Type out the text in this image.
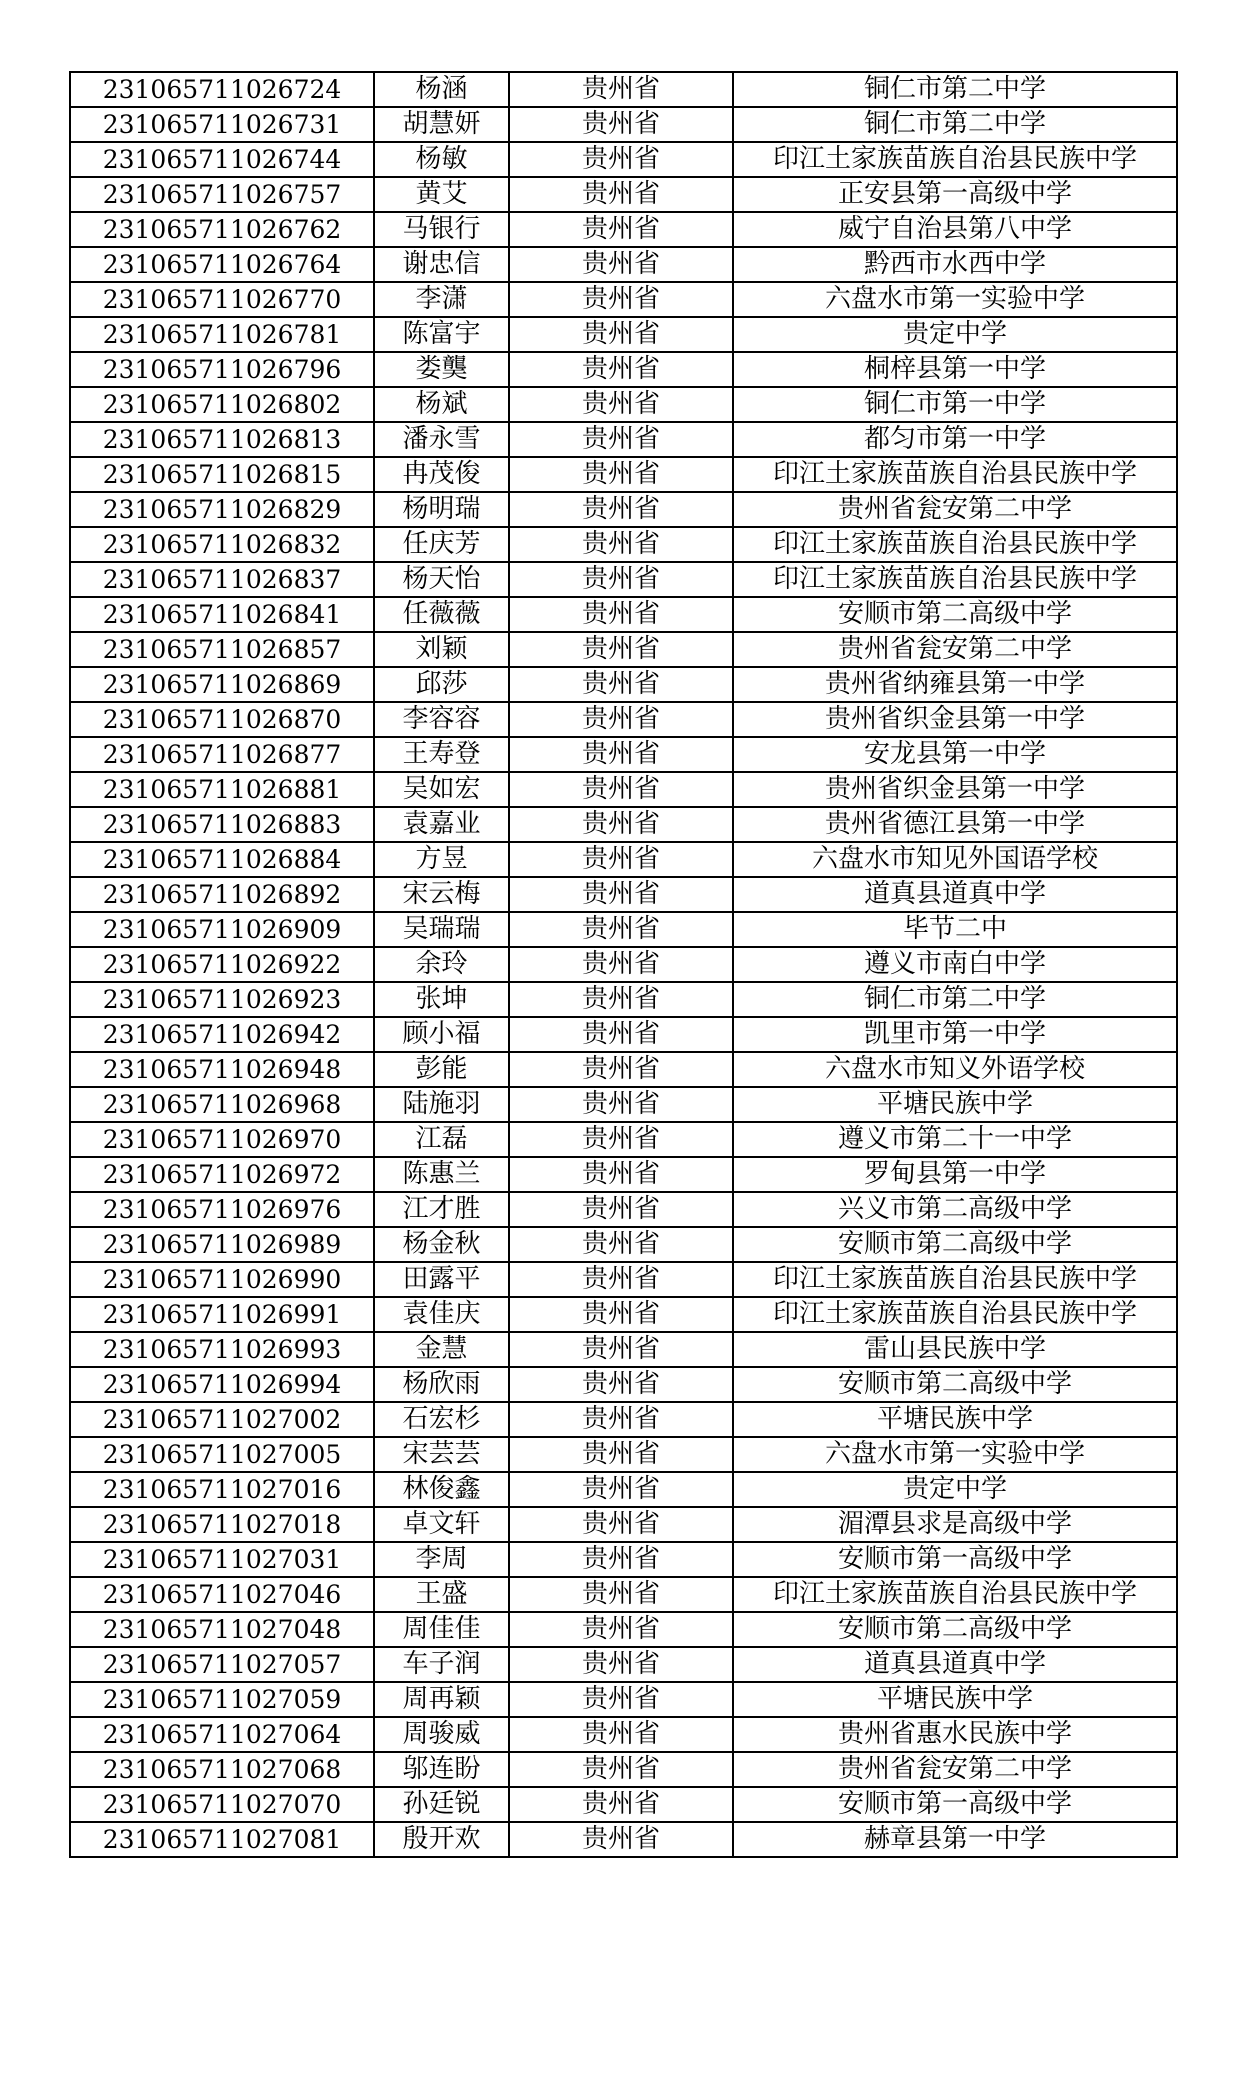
231065711026724	杨涵	贵州省	铜仁市第二中学
231065711026731	胡慧妍	贵州省	铜仁市第二中学
231065711026744	杨敏	贵州省	印江土家族苗族自治县民族中学
231065711026757	黄艾	贵州省	正安县第一高级中学
231065711026762	马银行	贵州省	威宁自治县第八中学
231065711026764	谢忠信	贵州省	黔西市水西中学
231065711026770	李潇	贵州省	六盘水市第一实验中学
231065711026781	陈富宇	贵州省	贵定中学
231065711026796	娄龑	贵州省	桐梓县第一中学
231065711026802	杨斌	贵州省	铜仁市第一中学
231065711026813	潘永雪	贵州省	都匀市第一中学
231065711026815	冉茂俊	贵州省	印江土家族苗族自治县民族中学
231065711026829	杨明瑞	贵州省	贵州省瓮安第二中学
231065711026832	任庆芳	贵州省	印江土家族苗族自治县民族中学
231065711026837	杨天怡	贵州省	印江土家族苗族自治县民族中学
231065711026841	任薇薇	贵州省	安顺市第二高级中学
231065711026857	刘颖	贵州省	贵州省瓮安第二中学
231065711026869	邱莎	贵州省	贵州省纳雍县第一中学
231065711026870	李容容	贵州省	贵州省织金县第一中学
231065711026877	王寿登	贵州省	安龙县第一中学
231065711026881	吴如宏	贵州省	贵州省织金县第一中学
231065711026883	袁嘉业	贵州省	贵州省德江县第一中学
231065711026884	方昱	贵州省	六盘水市知见外国语学校
231065711026892	宋云梅	贵州省	道真县道真中学
231065711026909	吴瑞瑞	贵州省	毕节二中
231065711026922	余玲	贵州省	遵义市南白中学
231065711026923	张坤	贵州省	铜仁市第二中学
231065711026942	顾小福	贵州省	凯里市第一中学
231065711026948	彭能	贵州省	六盘水市知义外语学校
231065711026968	陆施羽	贵州省	平塘民族中学
231065711026970	江磊	贵州省	遵义市第二十一中学
231065711026972	陈惠兰	贵州省	罗甸县第一中学
231065711026976	江才胜	贵州省	兴义市第二高级中学
231065711026989	杨金秋	贵州省	安顺市第二高级中学
231065711026990	田露平	贵州省	印江土家族苗族自治县民族中学
231065711026991	袁佳庆	贵州省	印江土家族苗族自治县民族中学
231065711026993	金慧	贵州省	雷山县民族中学
231065711026994	杨欣雨	贵州省	安顺市第二高级中学
231065711027002	石宏杉	贵州省	平塘民族中学
231065711027005	宋芸芸	贵州省	六盘水市第一实验中学
231065711027016	林俊鑫	贵州省	贵定中学
231065711027018	卓文轩	贵州省	湄潭县求是高级中学
231065711027031	李周	贵州省	安顺市第一高级中学
231065711027046	王盛	贵州省	印江土家族苗族自治县民族中学
231065711027048	周佳佳	贵州省	安顺市第二高级中学
231065711027057	车子润	贵州省	道真县道真中学
231065711027059	周再颖	贵州省	平塘民族中学
231065711027064	周骏威	贵州省	贵州省惠水民族中学
231065711027068	邬连盼	贵州省	贵州省瓮安第二中学
231065711027070	孙廷锐	贵州省	安顺市第一高级中学
231065711027081	殷开欢	贵州省	赫章县第一中学
